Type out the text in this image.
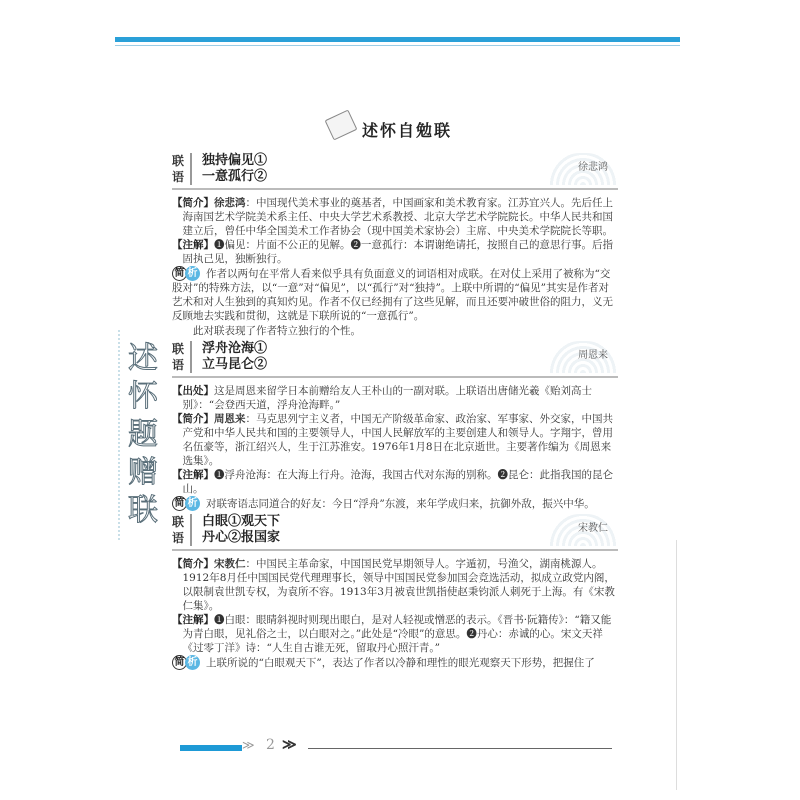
述怀自勉联
述怀题赠联
联语
独持偏见①
一意孤行②
徐悲鸿

【简介】徐悲鸿：中国现代美术事业的奠基者，中国画家和美术教育家。江苏宜兴人。先后任上海南国艺术学院美术系主任、中央大学艺术系教授、北京大学艺术学院院长。中华人民共和国建立后，曾任中华全国美术工作者协会（现中国美术家协会）主席、中央美术学院院长等职。

【注解】❶偏见：片面不公正的见解。❷一意孤行：本谓谢绝请托，按照自己的意思行事。后指固执己见，独断独行。

简 析 作者以两句在平常人看来似乎具有负面意义的词语相对成联。在对仗上采用了被称为“交股对”的特殊方法，以“一意”对“偏见”，以“孤行”对“独持”。上联中所谓的“偏见”其实是作者对艺术和对人生独到的真知灼见。作者不仅已经拥有了这些见解，而且还要冲破世俗的阻力，义无反顾地去实践和贯彻，这就是下联所说的“一意孤行”。

此对联表现了作者特立独行的个性。

联语
浮舟沧海①
立马昆仑②
周恩来

【出处】这是周恩来留学日本前赠给友人王朴山的一副对联。上联语出唐储光羲《贻刘高士别》：“会登西天道，浮舟沧海畔。”

【简介】周恩来：马克思列宁主义者，中国无产阶级革命家、政治家、军事家、外交家，中国共产党和中华人民共和国的主要领导人，中国人民解放军的主要创建人和领导人。字翔宇，曾用名伍豪等，浙江绍兴人，生于江苏淮安。1976年1月8日在北京逝世。主要著作编为《周恩来选集》。

【注解】❶浮舟沧海：在大海上行舟。沧海，我国古代对东海的别称。❷昆仑：此指我国的昆仑山。

简 析 对联寄语志同道合的好友：今日“浮舟”东渡，来年学成归来，抗御外敌，振兴中华。

联语
白眼①观天下
丹心②报国家
宋教仁

【简介】宋教仁：中国民主革命家，中国国民党早期领导人。字遁初，号渔父，湖南桃源人。1912年8月任中国国民党代理理事长，领导中国国民党参加国会竞选活动，拟成立政党内阁，以限制袁世凯专权，为袁所不容。1913年3月被袁世凯指使赵秉钧派人刺死于上海。有《宋教仁集》。

【注解】❶白眼：眼睛斜视时则现出眼白，是对人轻视或憎恶的表示。《晋书·阮籍传》：“籍又能为青白眼，见礼俗之士，以白眼对之。”此处是“冷眼”的意思。❷丹心：赤诚的心。宋文天祥《过零丁洋》诗：“人生自古谁无死，留取丹心照汗青。”

简 析 上联所说的“白眼观天下”，表达了作者以冷静和理性的眼光观察天下形势，把握住了

≫ 2 ≫
